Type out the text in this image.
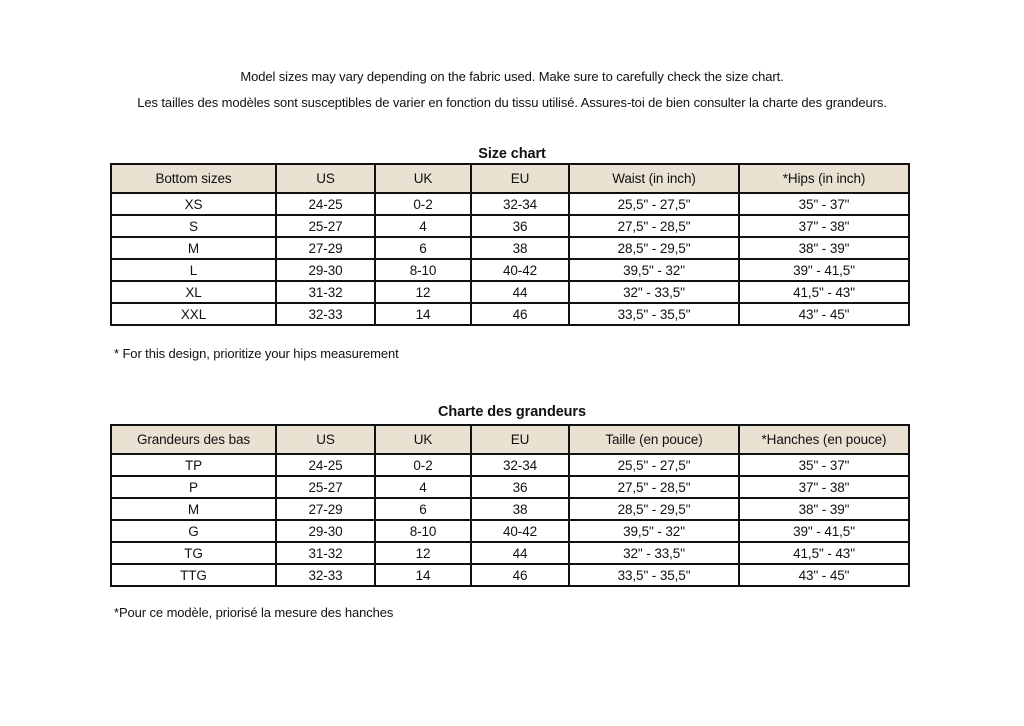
Model sizes may vary depending on the fabric used. Make sure to carefully check the size chart.
Les tailles des modèles sont susceptibles de varier en fonction du tissu utilisé. Assures-toi de bien consulter la charte des grandeurs.
Size chart
Bottom sizes	US	UK	EU	Waist (in inch)	*Hips (in inch)
XS	24-25	0-2	32-34	25,5" - 27,5"	35" - 37"
S	25-27	4	36	27,5" - 28,5"	37" - 38"
M	27-29	6	38	28,5" - 29,5"	38" - 39"
L	29-30	8-10	40-42	39,5" - 32"	39" - 41,5"
XL	31-32	12	44	32" - 33,5"	41,5" - 43"
XXL	32-33	14	46	33,5" - 35,5"	43" - 45"
* For this design, prioritize your hips measurement
Charte des grandeurs
Grandeurs des bas	US	UK	EU	Taille (en pouce)	*Hanches (en pouce)
TP	24-25	0-2	32-34	25,5" - 27,5"	35" - 37"
P	25-27	4	36	27,5" - 28,5"	37" - 38"
M	27-29	6	38	28,5" - 29,5"	38" - 39"
G	29-30	8-10	40-42	39,5" - 32"	39" - 41,5"
TG	31-32	12	44	32" - 33,5"	41,5" - 43"
TTG	32-33	14	46	33,5" - 35,5"	43" - 45"
*Pour ce modèle, priorisé la mesure des hanches
